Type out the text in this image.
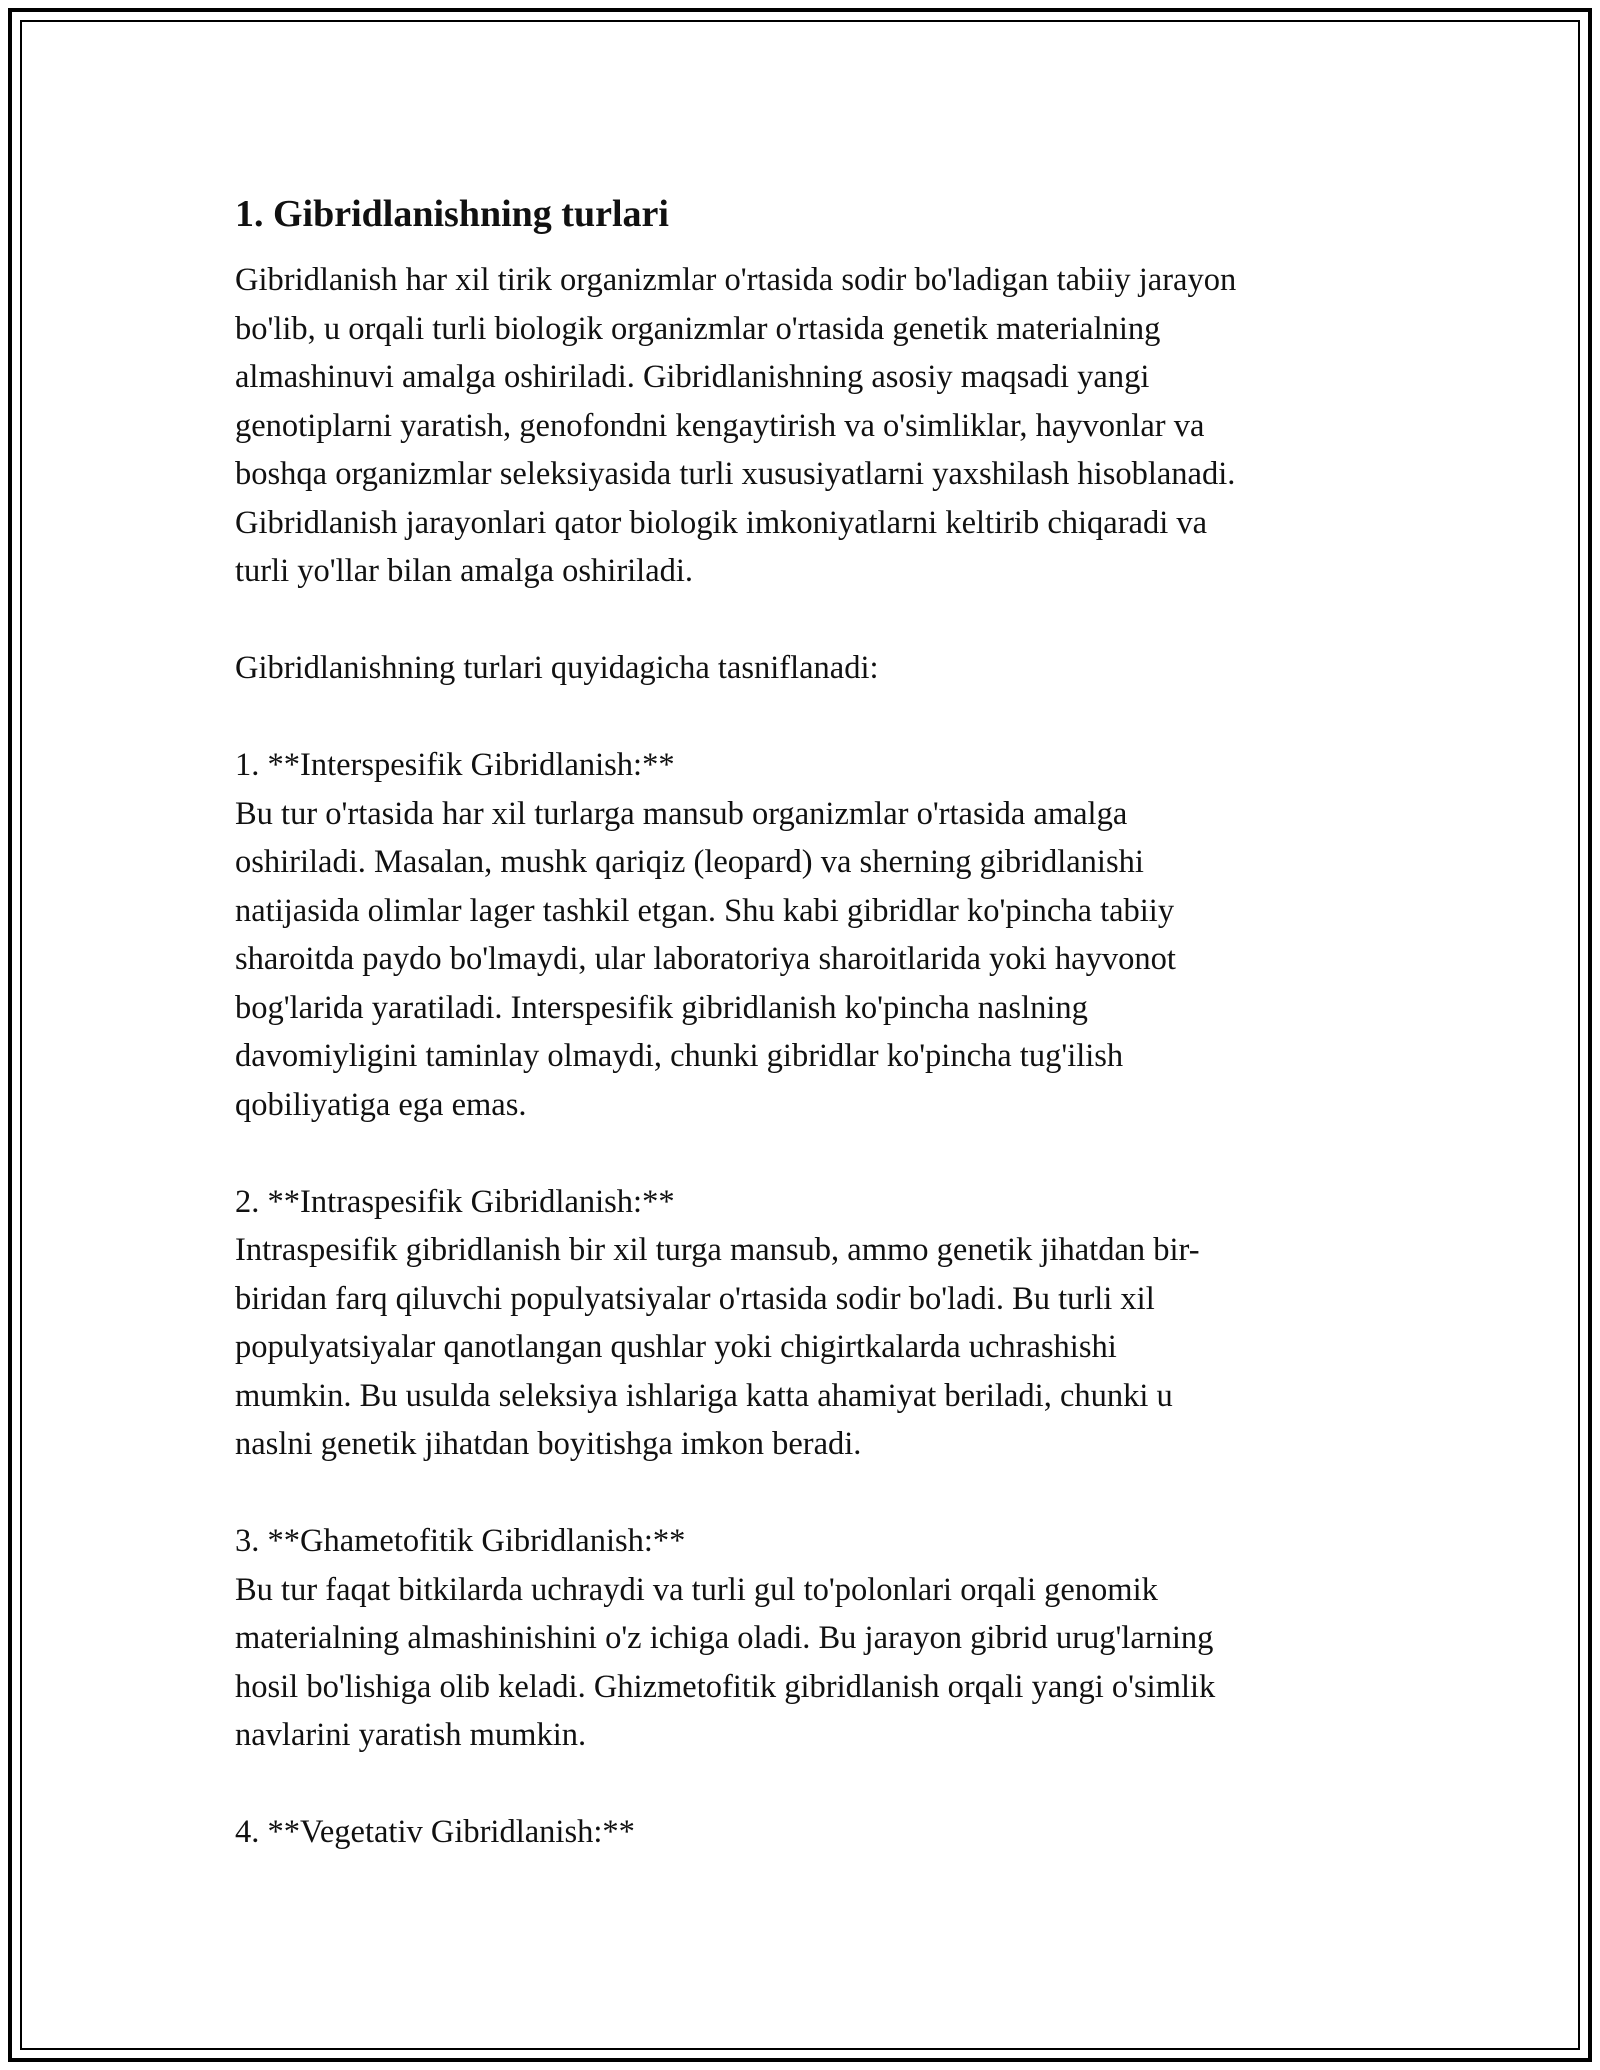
1. Gibridlanishning turlari

Gibridlanish har xil tirik organizmlar o'rtasida sodir bo'ladigan tabiiy jarayon
bo'lib, u orqali turli biologik organizmlar o'rtasida genetik materialning
almashinuvi amalga oshiriladi. Gibridlanishning asosiy maqsadi yangi
genotiplarni yaratish, genofondni kengaytirish va o'simliklar, hayvonlar va
boshqa organizmlar seleksiyasida turli xususiyatlarni yaxshilash hisoblanadi.
Gibridlanish jarayonlari qator biologik imkoniyatlarni keltirib chiqaradi va
turli yo'llar bilan amalga oshiriladi.

Gibridlanishning turlari quyidagicha tasniflanadi:

1. **Interspesifik Gibridlanish:**

Bu tur o'rtasida har xil turlarga mansub organizmlar o'rtasida amalga
oshiriladi. Masalan, mushk qariqiz (leopard) va sherning gibridlanishi
natijasida olimlar lager tashkil etgan. Shu kabi gibridlar ko'pincha tabiiy
sharoitda paydo bo'lmaydi, ular laboratoriya sharoitlarida yoki hayvonot
bog'larida yaratiladi. Interspesifik gibridlanish ko'pincha naslning
davomiyligini taminlay olmaydi, chunki gibridlar ko'pincha tug'ilish
qobiliyatiga ega emas.

2. **Intraspesifik Gibridlanish:**

Intraspesifik gibridlanish bir xil turga mansub, ammo genetik jihatdan bir-
biridan farq qiluvchi populyatsiyalar o'rtasida sodir bo'ladi. Bu turli xil
populyatsiyalar qanotlangan qushlar yoki chigirtkalarda uchrashishi
mumkin. Bu usulda seleksiya ishlariga katta ahamiyat beriladi, chunki u
naslni genetik jihatdan boyitishga imkon beradi.

3. **Ghametofitik Gibridlanish:**

Bu tur faqat bitkilarda uchraydi va turli gul to'polonlari orqali genomik
materialning almashinishini o'z ichiga oladi. Bu jarayon gibrid urug'larning
hosil bo'lishiga olib keladi. Ghizmetofitik gibridlanish orqali yangi o'simlik
navlarini yaratish mumkin.

4. **Vegetativ Gibridlanish:**
